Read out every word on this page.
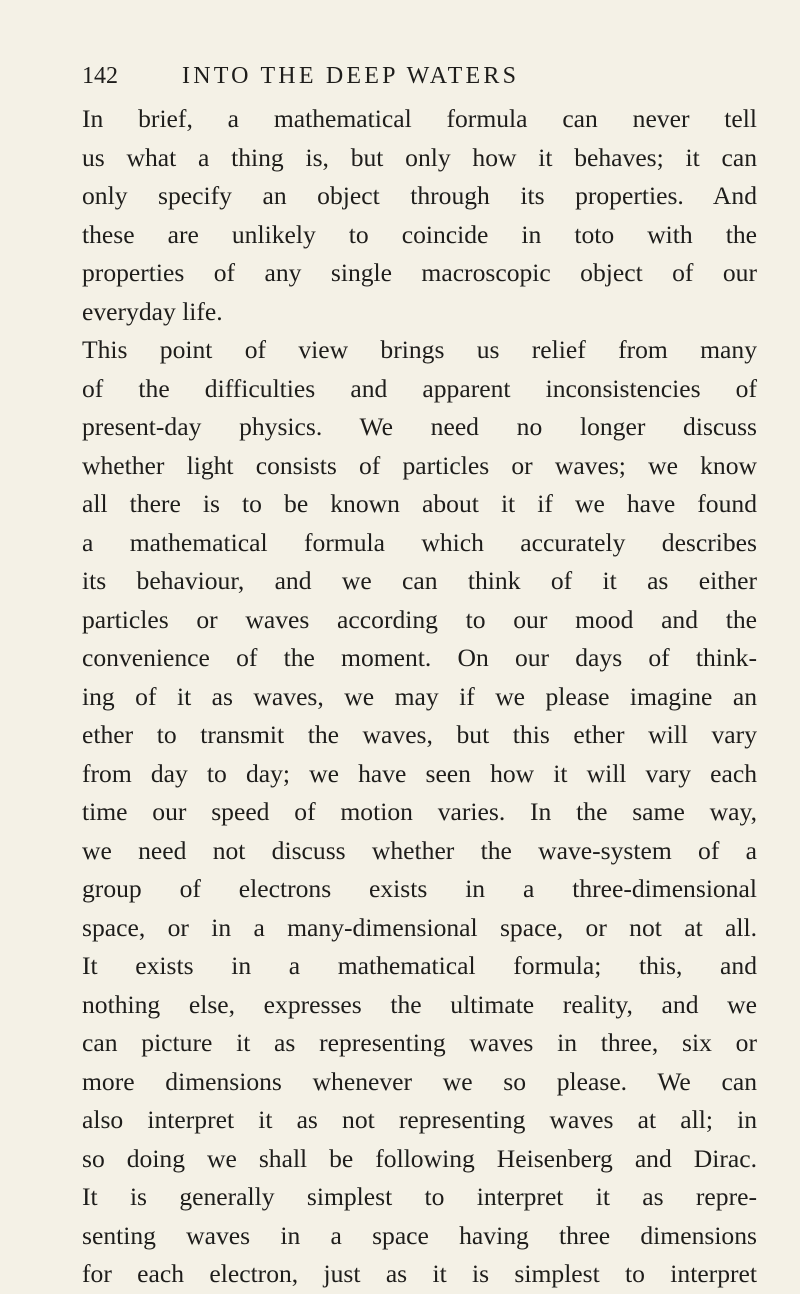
142	INTO THE DEEP WATERS
In brief, a mathematical formula can never tell
us what a thing is, but only how it behaves; it can
only specify an object through its properties. And
these are unlikely to coincide in toto with the
properties of any single macroscopic object of our
everyday life.
This point of view brings us relief from many
of the difficulties and apparent inconsistencies of
present-day physics. We need no longer discuss
whether light consists of particles or waves; we know
all there is to be known about it if we have found
a mathematical formula which accurately describes
its behaviour, and we can think of it as either
particles or waves according to our mood and the
convenience of the moment. On our days of think-
ing of it as waves, we may if we please imagine an
ether to transmit the waves, but this ether will vary
from day to day; we have seen how it will vary each
time our speed of motion varies. In the same way,
we need not discuss whether the wave-system of a
group of electrons exists in a three-dimensional
space, or in a many-dimensional space, or not at all.
It exists in a mathematical formula; this, and
nothing else, expresses the ultimate reality, and we
can picture it as representing waves in three, six or
more dimensions whenever we so please. We can
also interpret it as not representing waves at all; in
so doing we shall be following Heisenberg and Dirac.
It is generally simplest to interpret it as repre-
senting waves in a space having three dimensions
for each electron, just as it is simplest to interpret
